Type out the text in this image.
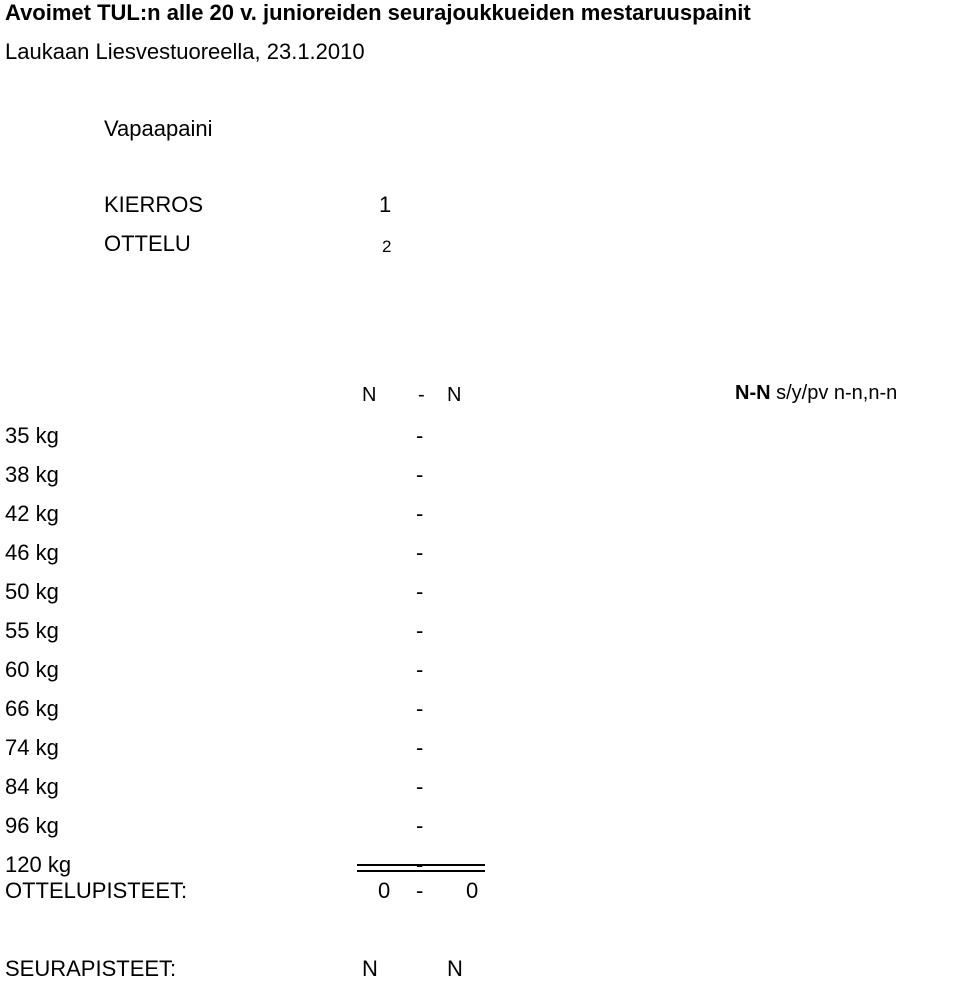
Avoimet TUL:n alle 20 v. junioreiden seurajoukkueiden mestaruuspainit
Laukaan Liesvestuoreella, 23.1.2010
Vapaapaini
KIERROS	1
OTTELU	2
N - N	N-N s/y/pv n-n,n-n
35 kg	-
38 kg	-
42 kg	-
46 kg	-
50 kg	-
55 kg	-
60 kg	-
66 kg	-
74 kg	-
84 kg	-
96 kg	-
120 kg	-
OTTELUPISTEET:	0 - 0
SEURAPISTEET:	N	N
